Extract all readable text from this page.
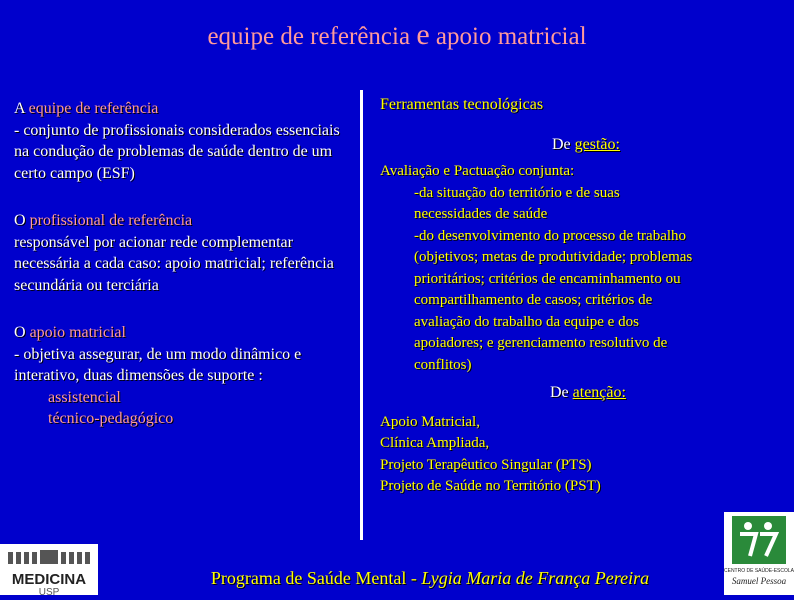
equipe de referência e apoio matricial

A equipe de referência
- conjunto de profissionais considerados essenciais na condução de problemas de saúde dentro de um certo campo (ESF)

O profissional de referência
responsável por acionar rede complementar necessária a cada caso: apoio matricial; referência secundária ou terciária

O apoio matricial
- objetiva assegurar, de um modo dinâmico e interativo, duas dimensões de suporte :
assistencial
técnico-pedagógico

Ferramentas tecnológicas
De gestão:
Avaliação e Pactuação conjunta:
-da situação do território e de suas
necessidades de saúde
-do desenvolvimento do processo de trabalho
(objetivos; metas de produtividade; problemas
prioritários; critérios de encaminhamento ou
compartilhamento de casos; critérios de
avaliação do trabalho da equipe e dos
apoiadores; e gerenciamento resolutivo de
conflitos)
De atenção:
Apoio Matricial,
Clínica Ampliada,
Projeto Terapêutico Singular (PTS)
Projeto de Saúde no Território (PST)
MEDICINA
USP
CENTRO DE SAÚDE-ESCOLA
Samuel Pessoa
Programa de Saúde Mental - Lygia Maria de França Pereira
